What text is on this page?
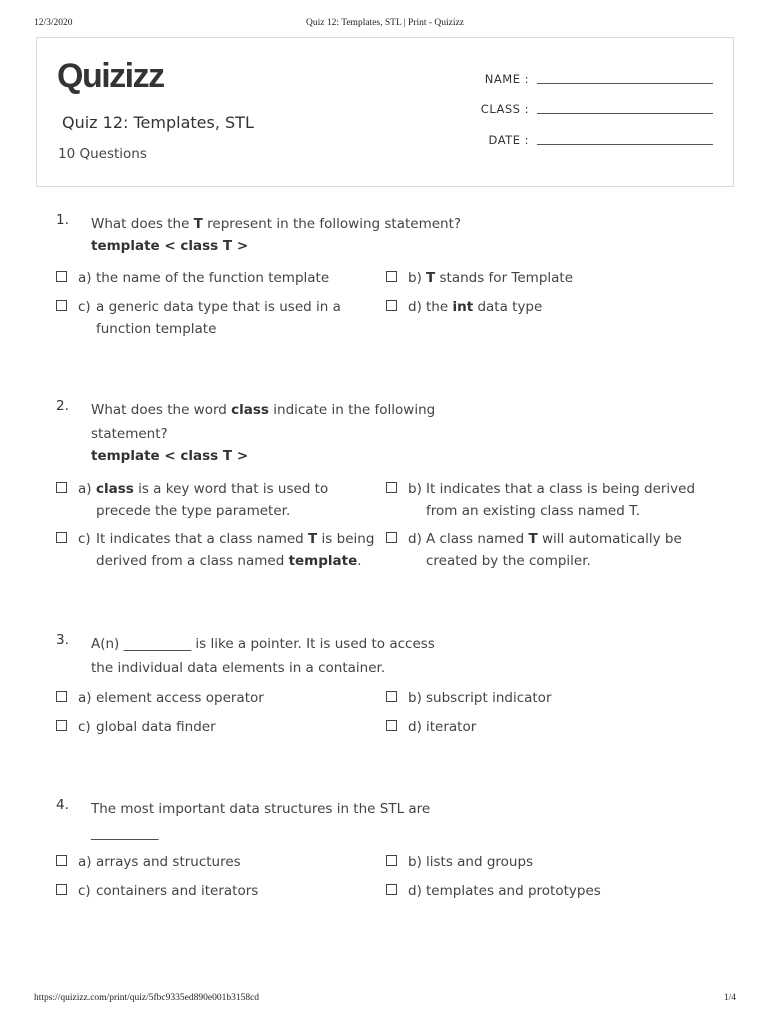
12/3/2020	Quiz 12: Templates, STL | Print - Quizizz
Quizizz
Quiz 12: Templates, STL
10 Questions
NAME :
CLASS :
DATE :
1. What does the T represent in the following statement?
template < class T >
a) the name of the function template	b) T stands for Template
c) a generic data type that is used in a function template
d) the int data type
2. What does the word class indicate in the following statement?
template < class T >
a) class is a key word that is used to precede the type parameter.
b) It indicates that a class is being derived from an existing class named T.
c) It indicates that a class named T is being derived from a class named template.
d) A class named T will automatically be created by the compiler.
3. A(n) __________ is like a pointer. It is used to access the individual data elements in a container.
a) element access operator	b) subscript indicator
c) global data finder	d) iterator
4. The most important data structures in the STL are __________
a) arrays and structures	b) lists and groups
c) containers and iterators	d) templates and prototypes
https://quizizz.com/print/quiz/5fbc9335ed890e001b3158cd	1/4
